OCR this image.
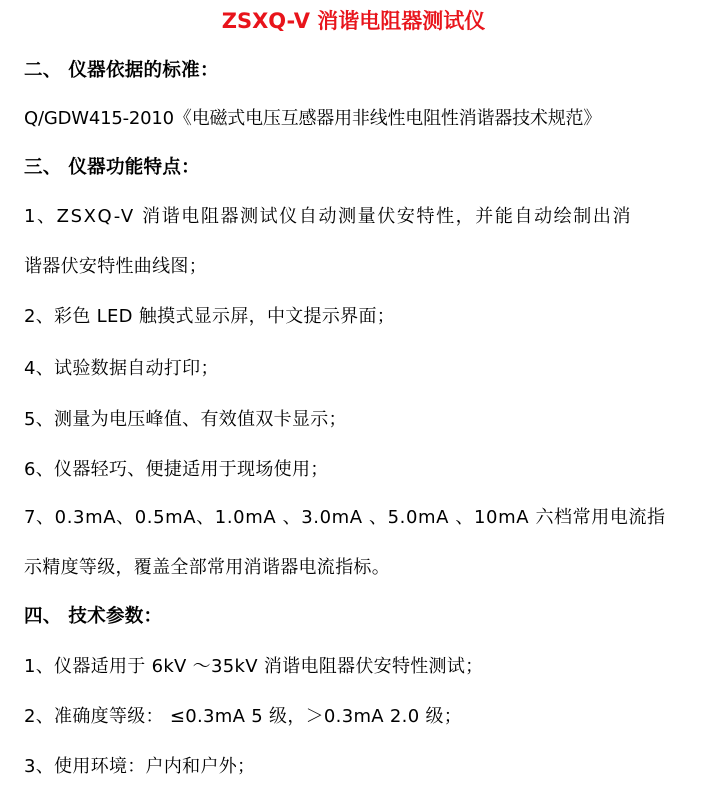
ZSXQ-V 消谐电阻器测试仪
二、 仪器依据的标准：
Q/GDW415-2010《电磁式电压互感器用非线性电阻性消谐器技术规范》
三、 仪器功能特点：
1、ZSXQ-V 消谐电阻器测试仪自动测量伏安特性，并能自动绘制出消
谐器伏安特性曲线图；
2、彩色 LED 触摸式显示屏，中文提示界面；
4、试验数据自动打印；
5、测量为电压峰值、有效值双卡显示；
6、仪器轻巧、便捷适用于现场使用；
7、0.3mA、0.5mA、1.0mA 、3.0mA 、5.0mA 、10mA 六档常用电流指
示精度等级，覆盖全部常用消谐器电流指标。
四、 技术参数：
1、仪器适用于 6kV ～35kV 消谐电阻器伏安特性测试；
2、准确度等级： ≤0.3mA 5 级，＞0.3mA 2.0 级；
3、使用环境：户内和户外；
